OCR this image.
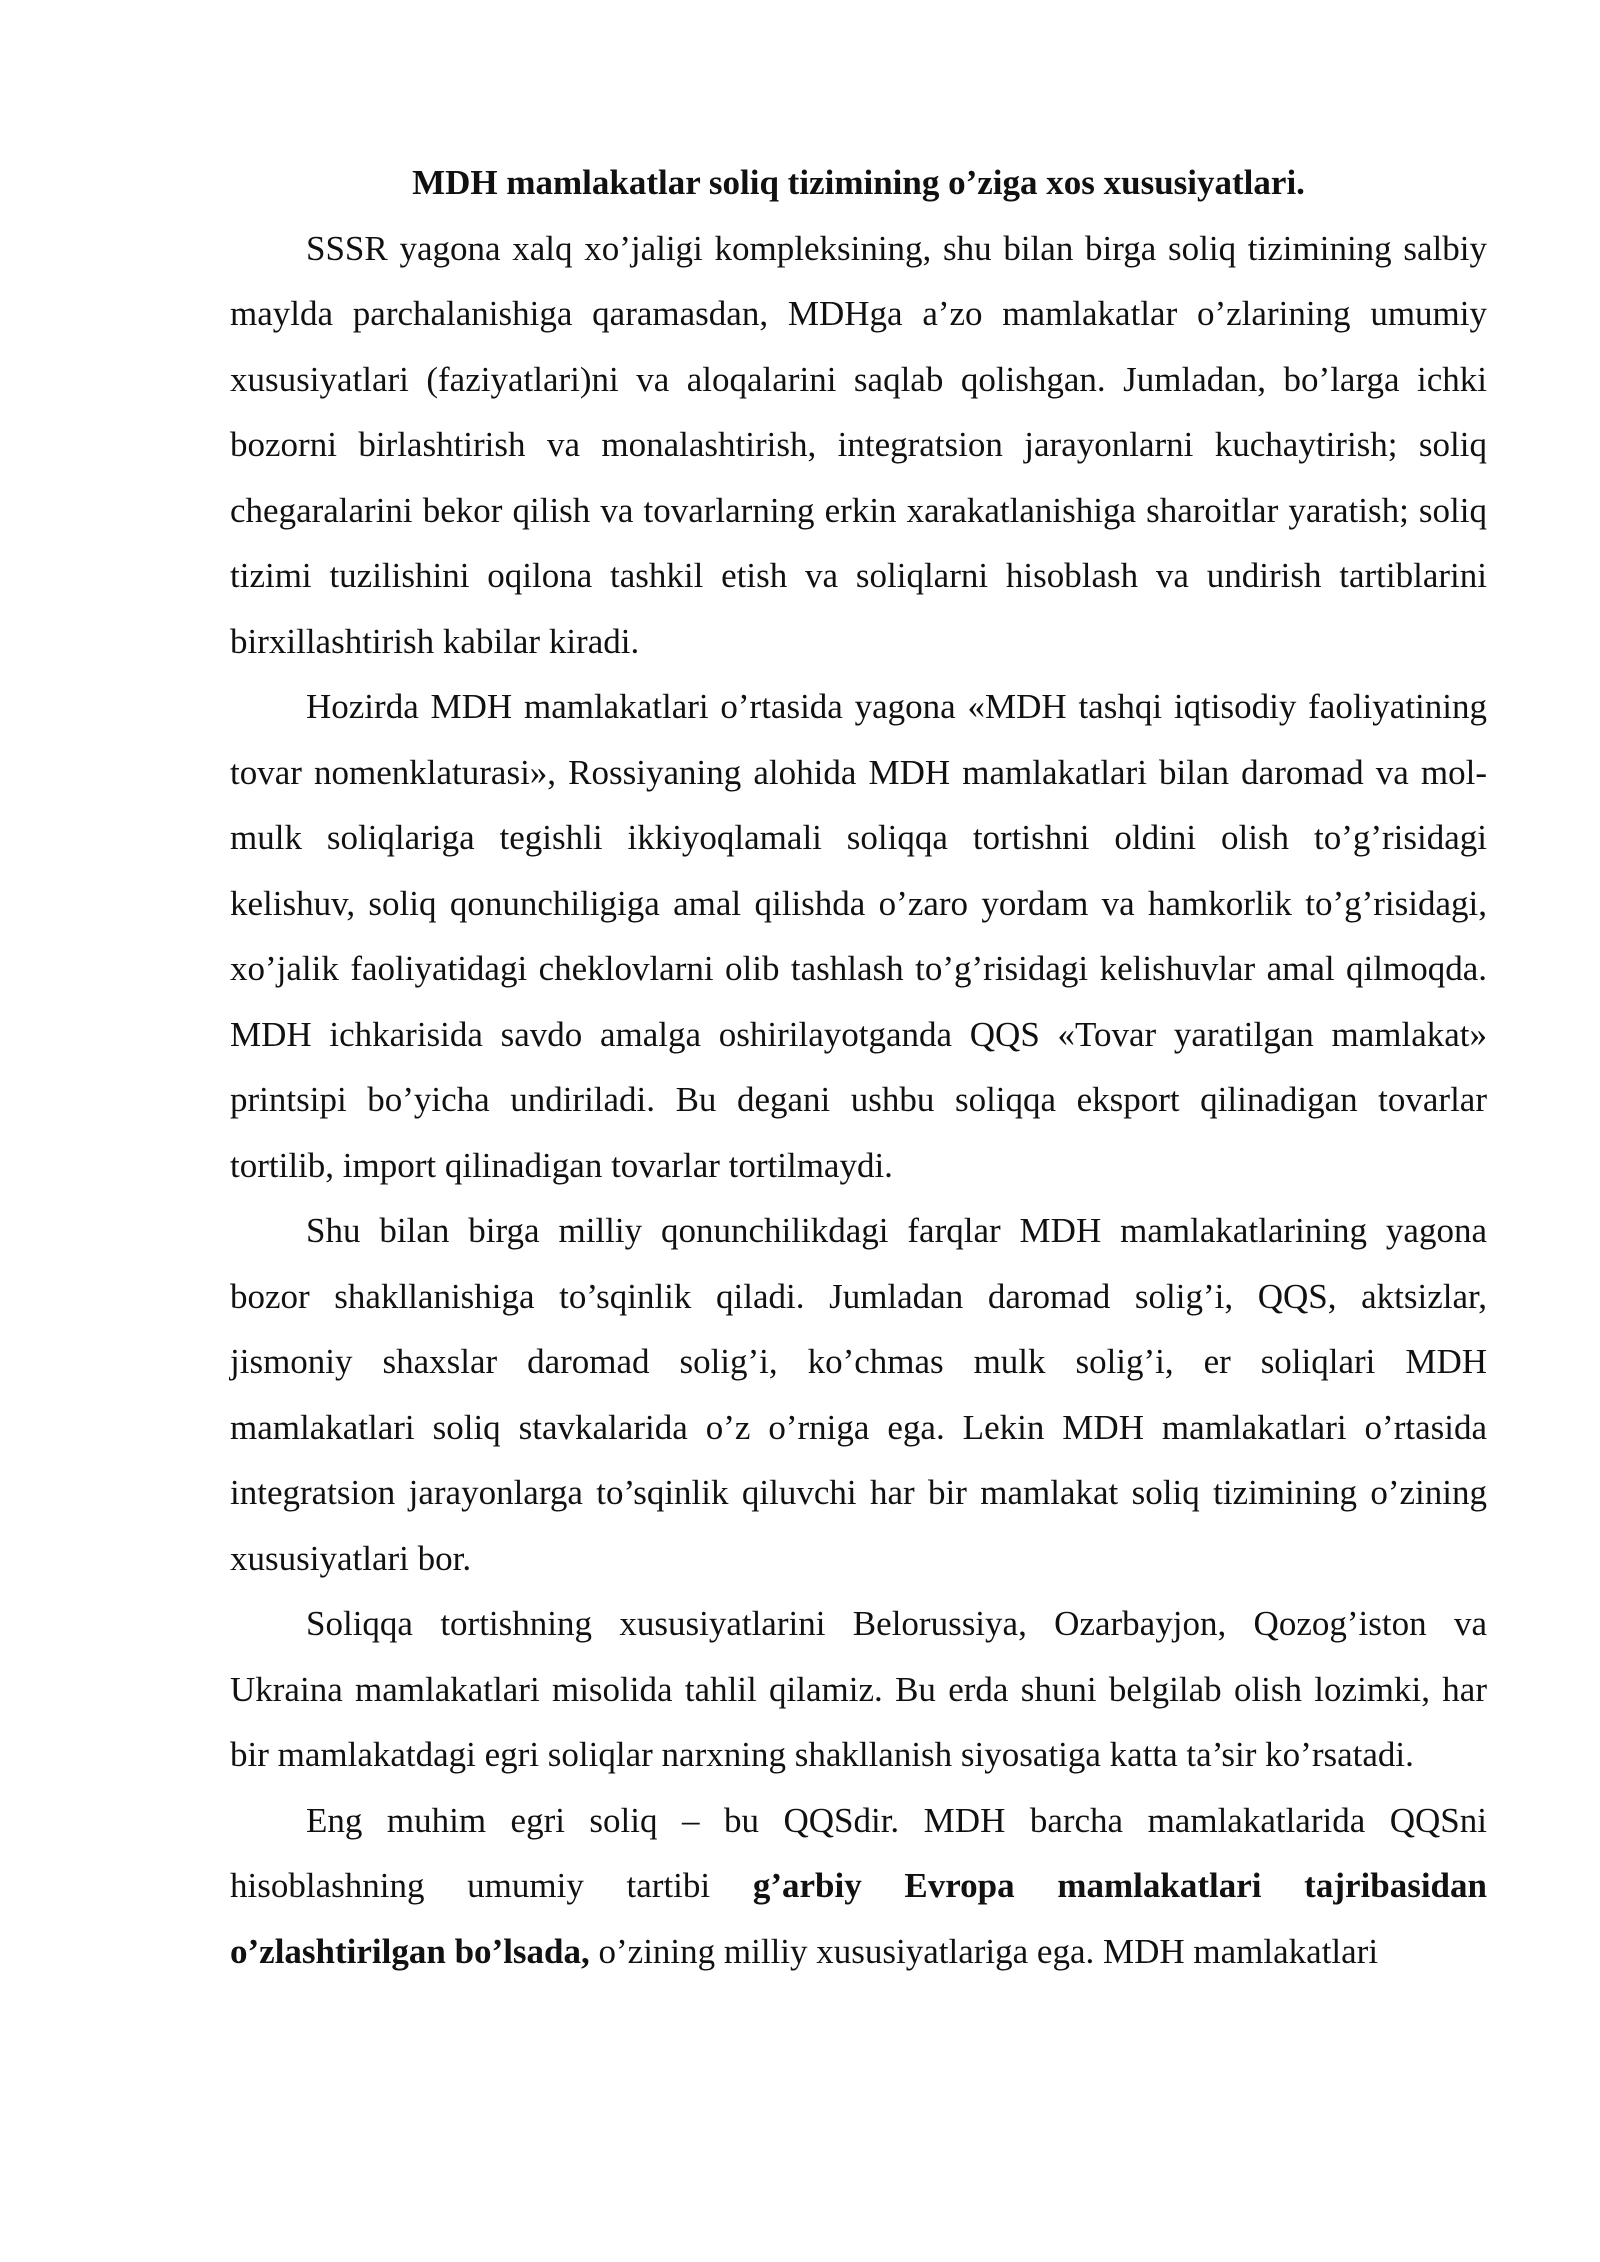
MDH mamlakatlar soliq tizimining o’ziga xos xususiyatlari.

SSSR yagona xalq xo’jaligi kompleksining, shu bilan birga soliq tizimining salbiy maylda parchalanishiga qaramasdan, MDHga a’zo mamlakatlar o’zlarining umumiy xususiyatlari (faziyatlari)ni va aloqalarini saqlab qolishgan. Jumladan, bo’larga ichki bozorni birlashtirish va monalashtirish, integratsion jarayonlarni kuchaytirish; soliq chegaralarini bekor qilish va tovarlarning erkin xarakatlanishiga sharoitlar yaratish; soliq tizimi tuzilishini oqilona tashkil etish va soliqlarni hisoblash va undirish tartiblarini birxillashtirish kabilar kiradi.

Hozirda MDH mamlakatlari o’rtasida yagona «MDH tashqi iqtisodiy faoliyatining tovar nomenklaturasi», Rossiyaning alohida MDH mamlakatlari bilan daromad va mol-mulk soliqlariga tegishli ikkiyoqlamali soliqqa tortishni oldini olish to’g’risidagi kelishuv, soliq qonunchiligiga amal qilishda o’zaro yordam va hamkorlik to’g’risidagi, xo’jalik faoliyatidagi cheklovlarni olib tashlash to’g’risidagi kelishuvlar amal qilmoqda. MDH ichkarisida savdo amalga oshirilayotganda QQS «Tovar yaratilgan mamlakat» printsipi bo’yicha undiriladi. Bu degani ushbu soliqqa eksport qilinadigan tovarlar tortilib, import qilinadigan tovarlar tortilmaydi.

Shu bilan birga milliy qonunchilikdagi farqlar MDH mamlakatlarining yagona bozor shakllanishiga to’sqinlik qiladi. Jumladan daromad solig’i, QQS, aktsizlar, jismoniy shaxslar daromad solig’i, ko’chmas mulk solig’i, er soliqlari MDH mamlakatlari soliq stavkalarida o’z o’rniga ega. Lekin MDH mamlakatlari o’rtasida integratsion jarayonlarga to’sqinlik qiluvchi har bir mamlakat soliq tizimining o’zining xususiyatlari bor.

Soliqqa tortishning xususiyatlarini Belorussiya, Ozarbayjon, Qozog’iston va Ukraina mamlakatlari misolida tahlil qilamiz. Bu erda shuni belgilab olish lozimki, har bir mamlakatdagi egri soliqlar narxning shakllanish siyosatiga katta ta’sir ko’rsatadi.

Eng muhim egri soliq – bu QQSdir. MDH barcha mamlakatlarida QQSni hisoblashning umumiy tartibi g’arbiy Evropa mamlakatlari tajribasidan o’zlashtirilgan bo’lsada, o’zining milliy xususiyatlariga ega. MDH mamlakatlari
